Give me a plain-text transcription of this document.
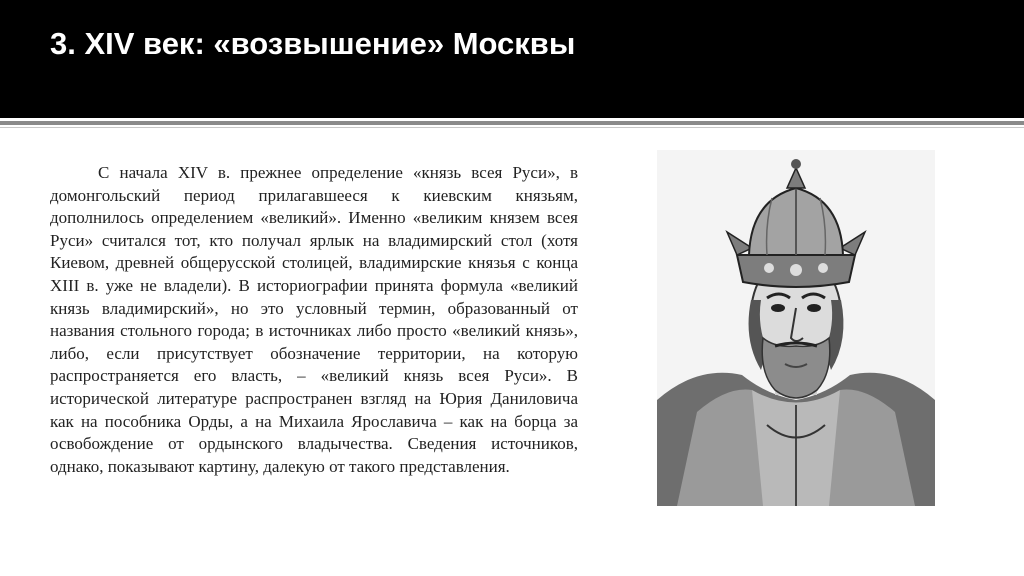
3. XIV век: «возвышение» Москвы

С начала XIV в. прежнее определение «князь всея Руси», в домонгольский период прилагавшееся к киевским князьям, дополнилось определением «великий». Именно «великим князем всея Руси» считался тот, кто получал ярлык на владимирский стол (хотя Киевом, древней общерусской столицей, владимирские князья с конца XIII в. уже не владели). В историографии принята формула «великий князь владимирский», но это условный термин, образованный от названия стольного города; в источниках либо просто «великий князь», либо, если присутствует обозначение территории, на которую распространяется его власть, – «великий князь всея Руси». В исторической литературе распространен взгляд на Юрия Даниловича как на пособника Орды, а на Михаила Ярославича – как на борца за освобождение от ордынского владычества. Сведения источников, однако, показывают картину, далекую от такого представления.
